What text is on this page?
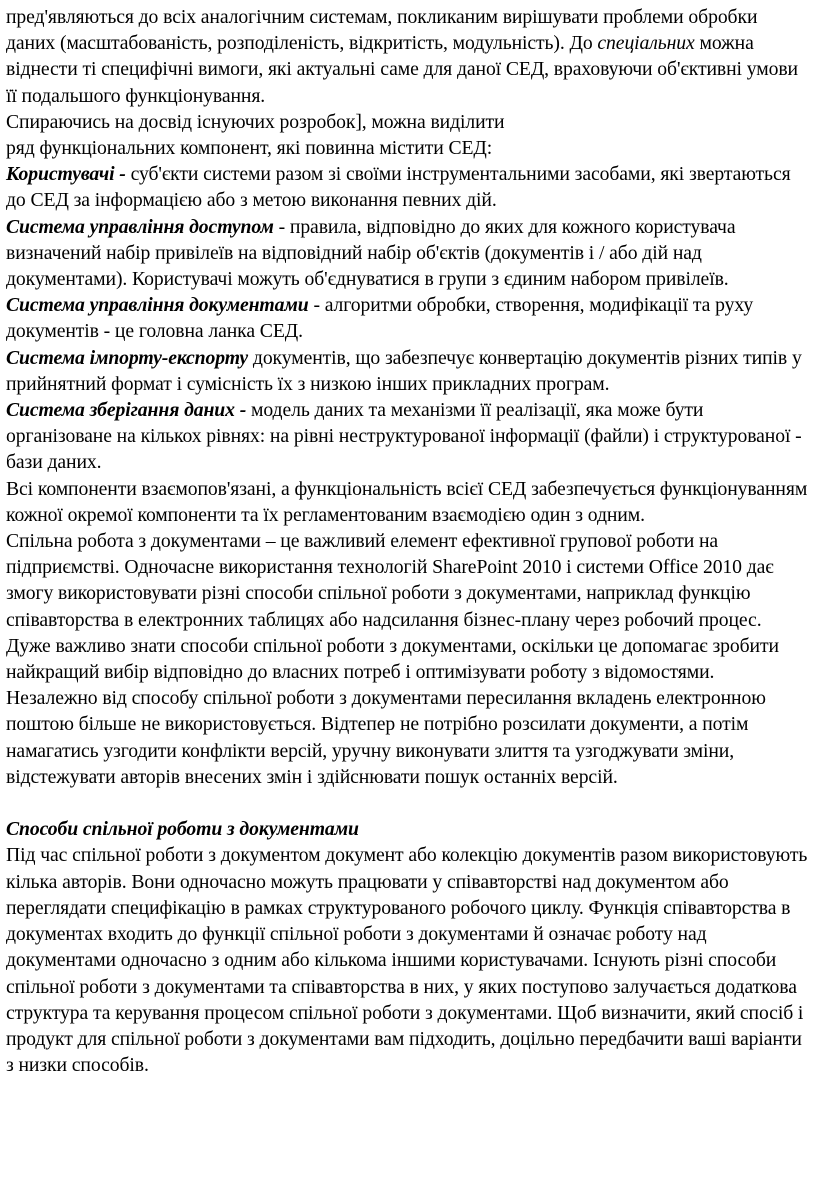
пред'являються до всіх аналогічним системам, покликаним вирішувати проблеми обробки даних (масштабованість, розподіленість, відкритість, модульність). До спеціальних можна віднести ті специфічні вимоги, які актуальні саме для даної СЕД, враховуючи об'єктивні умови її подальшого функціонування.

Спираючись на досвід існуючих розробок], можна виділити

ряд функціональних компонент, які повинна містити СЕД:

Користувачі - суб'єкти системи разом зі своїми інструментальними засобами, які звертаються до СЕД за інформацією або з метою виконання певних дій.

Система управління доступом - правила, відповідно до яких для кожного користувача визначений набір привілеїв на відповідний набір об'єктів (документів і / або дій над документами). Користувачі можуть об'єднуватися в групи з єдиним набором привілеїв.

Система управління документами - алгоритми обробки, створення, модифікації та руху документів - це головна ланка СЕД.

Система імпорту-експорту документів, що забезпечує конвертацію документів різних типів у прийнятний формат і сумісність їх з низкою інших прикладних програм.

Система зберігання даних - модель даних та механізми її реалізації, яка може бути організоване на кількох рівнях: на рівні неструктурованої інформації (файли) і структурованої - бази даних.

Всі компоненти взаємопов'язані, а функціональність всієї СЕД забезпечується функціонуванням кожної окремої компоненти та їх регламентованим взаємодією один з одним.

Спільна робота з документами – це важливий елемент ефективної групової роботи на підприємстві. Одночасне використання технологій SharePoint 2010 і системи Office 2010 дає змогу використовувати різні способи спільної роботи з документами, наприклад функцію співавторства в електронних таблицях або надсилання бізнес-плану через робочий процес. Дуже важливо знати способи спільної роботи з документами, оскільки це допомагає зробити найкращий вибір відповідно до власних потреб і оптимізувати роботу з відомостями.

Незалежно від способу спільної роботи з документами пересилання вкладень електронною поштою більше не використовується. Відтепер не потрібно розсилати документи, а потім намагатись узгодити конфлікти версій, уручну виконувати злиття та узгоджувати зміни, відстежувати авторів внесених змін і здійснювати пошук останніх версій.

Способи спільної роботи з документами

Під час спільної роботи з документом документ або колекцію документів разом використовують кілька авторів. Вони одночасно можуть працювати у співавторстві над документом або переглядати специфікацію в рамках структурованого робочого циклу. Функція співавторства в документах входить до функції спільної роботи з документами й означає роботу над документами одночасно з одним або кількома іншими користувачами. Існують різні способи спільної роботи з документами та співавторства в них, у яких поступово залучається додаткова структура та керування процесом спільної роботи з документами. Щоб визначити, який спосіб і продукт для спільної роботи з документами вам підходить, доцільно передбачити ваші варіанти з низки способів.
